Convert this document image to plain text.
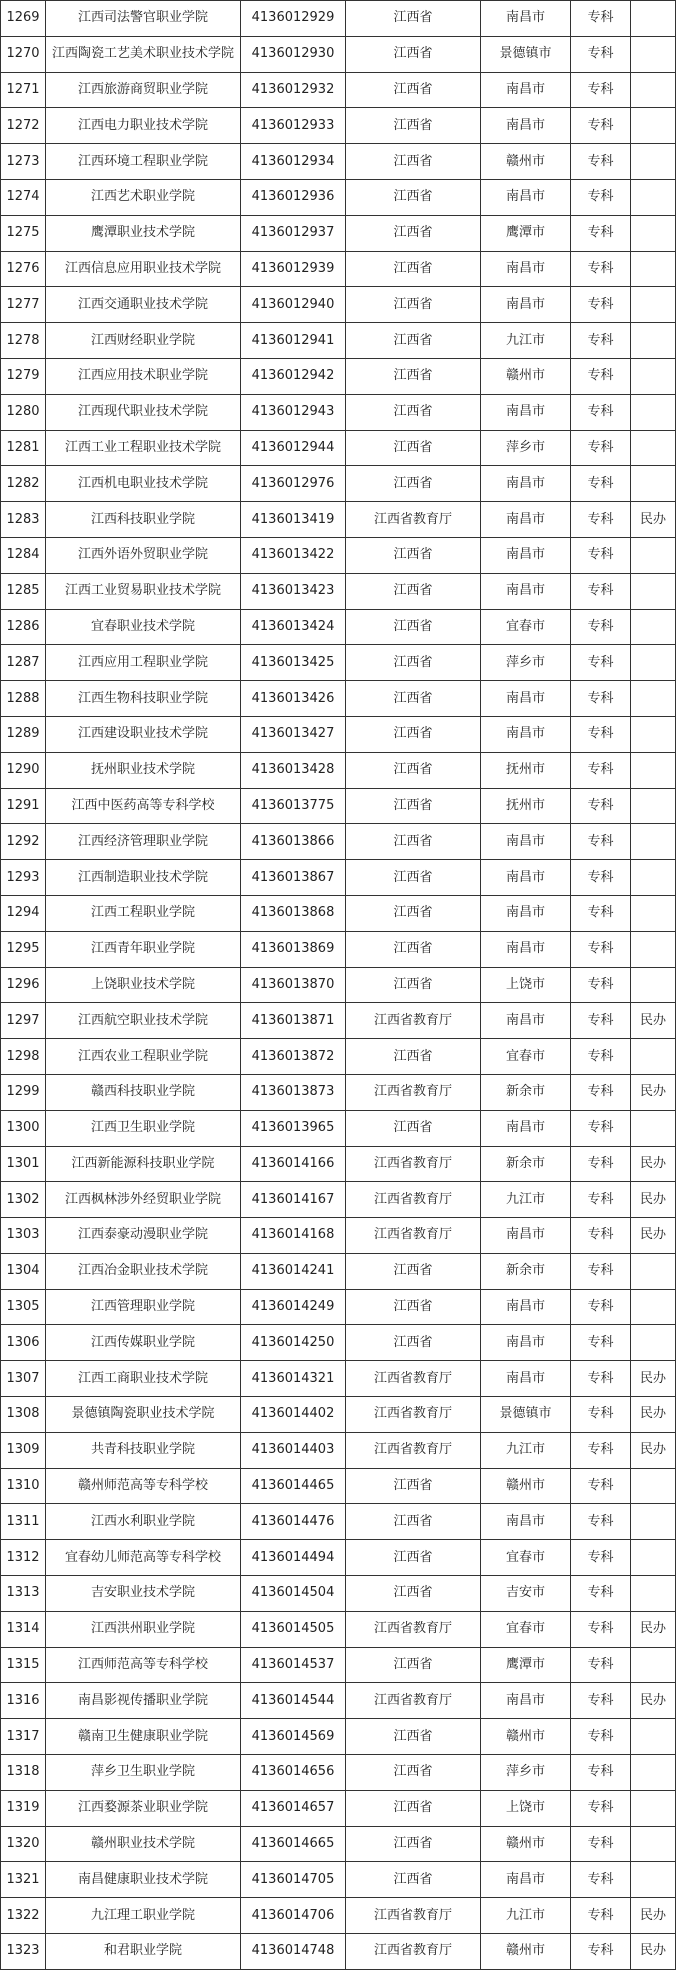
1269	江西司法警官职业学院	4136012929	江西省	南昌市	专科	
1270	江西陶瓷工艺美术职业技术学院	4136012930	江西省	景德镇市	专科	
1271	江西旅游商贸职业学院	4136012932	江西省	南昌市	专科	
1272	江西电力职业技术学院	4136012933	江西省	南昌市	专科	
1273	江西环境工程职业学院	4136012934	江西省	赣州市	专科	
1274	江西艺术职业学院	4136012936	江西省	南昌市	专科	
1275	鹰潭职业技术学院	4136012937	江西省	鹰潭市	专科	
1276	江西信息应用职业技术学院	4136012939	江西省	南昌市	专科	
1277	江西交通职业技术学院	4136012940	江西省	南昌市	专科	
1278	江西财经职业学院	4136012941	江西省	九江市	专科	
1279	江西应用技术职业学院	4136012942	江西省	赣州市	专科	
1280	江西现代职业技术学院	4136012943	江西省	南昌市	专科	
1281	江西工业工程职业技术学院	4136012944	江西省	萍乡市	专科	
1282	江西机电职业技术学院	4136012976	江西省	南昌市	专科	
1283	江西科技职业学院	4136013419	江西省教育厅	南昌市	专科	民办
1284	江西外语外贸职业学院	4136013422	江西省	南昌市	专科	
1285	江西工业贸易职业技术学院	4136013423	江西省	南昌市	专科	
1286	宜春职业技术学院	4136013424	江西省	宜春市	专科	
1287	江西应用工程职业学院	4136013425	江西省	萍乡市	专科	
1288	江西生物科技职业学院	4136013426	江西省	南昌市	专科	
1289	江西建设职业技术学院	4136013427	江西省	南昌市	专科	
1290	抚州职业技术学院	4136013428	江西省	抚州市	专科	
1291	江西中医药高等专科学校	4136013775	江西省	抚州市	专科	
1292	江西经济管理职业学院	4136013866	江西省	南昌市	专科	
1293	江西制造职业技术学院	4136013867	江西省	南昌市	专科	
1294	江西工程职业学院	4136013868	江西省	南昌市	专科	
1295	江西青年职业学院	4136013869	江西省	南昌市	专科	
1296	上饶职业技术学院	4136013870	江西省	上饶市	专科	
1297	江西航空职业技术学院	4136013871	江西省教育厅	南昌市	专科	民办
1298	江西农业工程职业学院	4136013872	江西省	宜春市	专科	
1299	赣西科技职业学院	4136013873	江西省教育厅	新余市	专科	民办
1300	江西卫生职业学院	4136013965	江西省	南昌市	专科	
1301	江西新能源科技职业学院	4136014166	江西省教育厅	新余市	专科	民办
1302	江西枫林涉外经贸职业学院	4136014167	江西省教育厅	九江市	专科	民办
1303	江西泰豪动漫职业学院	4136014168	江西省教育厅	南昌市	专科	民办
1304	江西冶金职业技术学院	4136014241	江西省	新余市	专科	
1305	江西管理职业学院	4136014249	江西省	南昌市	专科	
1306	江西传媒职业学院	4136014250	江西省	南昌市	专科	
1307	江西工商职业技术学院	4136014321	江西省教育厅	南昌市	专科	民办
1308	景德镇陶瓷职业技术学院	4136014402	江西省教育厅	景德镇市	专科	民办
1309	共青科技职业学院	4136014403	江西省教育厅	九江市	专科	民办
1310	赣州师范高等专科学校	4136014465	江西省	赣州市	专科	
1311	江西水利职业学院	4136014476	江西省	南昌市	专科	
1312	宜春幼儿师范高等专科学校	4136014494	江西省	宜春市	专科	
1313	吉安职业技术学院	4136014504	江西省	吉安市	专科	
1314	江西洪州职业学院	4136014505	江西省教育厅	宜春市	专科	民办
1315	江西师范高等专科学校	4136014537	江西省	鹰潭市	专科	
1316	南昌影视传播职业学院	4136014544	江西省教育厅	南昌市	专科	民办
1317	赣南卫生健康职业学院	4136014569	江西省	赣州市	专科	
1318	萍乡卫生职业学院	4136014656	江西省	萍乡市	专科	
1319	江西婺源茶业职业学院	4136014657	江西省	上饶市	专科	
1320	赣州职业技术学院	4136014665	江西省	赣州市	专科	
1321	南昌健康职业技术学院	4136014705	江西省	南昌市	专科	
1322	九江理工职业学院	4136014706	江西省教育厅	九江市	专科	民办
1323	和君职业学院	4136014748	江西省教育厅	赣州市	专科	民办
